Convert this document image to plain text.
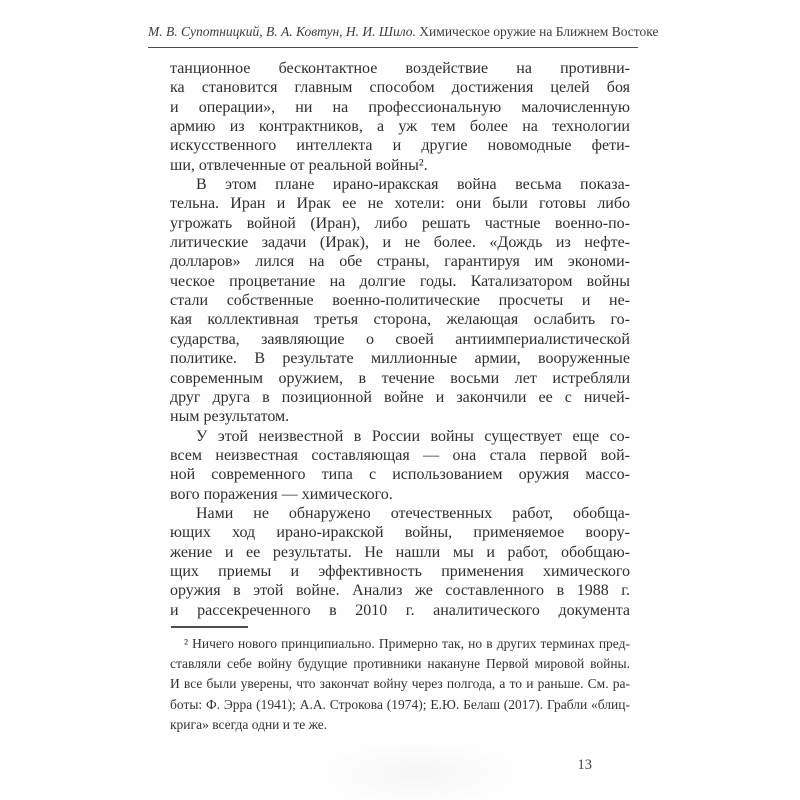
М. В. Супотницкий, В. А. Ковтун, Н. И. Шило. Химическое оружие на Ближнем Востоке
танционное бесконтактное воздействие на противни-
ка становится главным способом достижения целей боя
и операции», ни на профессиональную малочисленную
армию из контрактников, а уж тем более на технологии
искусственного интеллекта и другие новомодные фети-
ши, отвлеченные от реальной войны².
В этом плане ирано-иракская война весьма показа-
тельна. Иран и Ирак ее не хотели: они были готовы либо
угрожать войной (Иран), либо решать частные военно-по-
литические задачи (Ирак), и не более. «Дождь из нефте-
долларов» лился на обе страны, гарантируя им экономи-
ческое процветание на долгие годы. Катализатором войны
стали собственные военно-политические просчеты и не-
кая коллективная третья сторона, желающая ослабить го-
сударства, заявляющие о своей антиимпериалистической
политике. В результате миллионные армии, вооруженные
современным оружием, в течение восьми лет истребляли
друг друга в позиционной войне и закончили ее с ничей-
ным результатом.
У этой неизвестной в России войны существует еще со-
всем неизвестная составляющая — она стала первой вой-
ной современного типа с использованием оружия массо-
вого поражения — химического.
Нами не обнаружено отечественных работ, обобща-
ющих ход ирано-иракской войны, применяемое воору-
жение и ее результаты. Не нашли мы и работ, обобщаю-
щих приемы и эффективность применения химического
оружия в этой войне. Анализ же составленного в 1988 г.
и рассекреченного в 2010 г. аналитического документа
² Ничего нового принципиально. Примерно так, но в других терминах пред-
ставляли себе войну будущие противники накануне Первой мировой войны.
И все были уверены, что закончат войну через полгода, а то и раньше. См. ра-
боты: Ф. Эрра (1941); А.А. Строкова (1974); Е.Ю. Белаш (2017). Грабли «блиц-
крига» всегда одни и те же.
13
